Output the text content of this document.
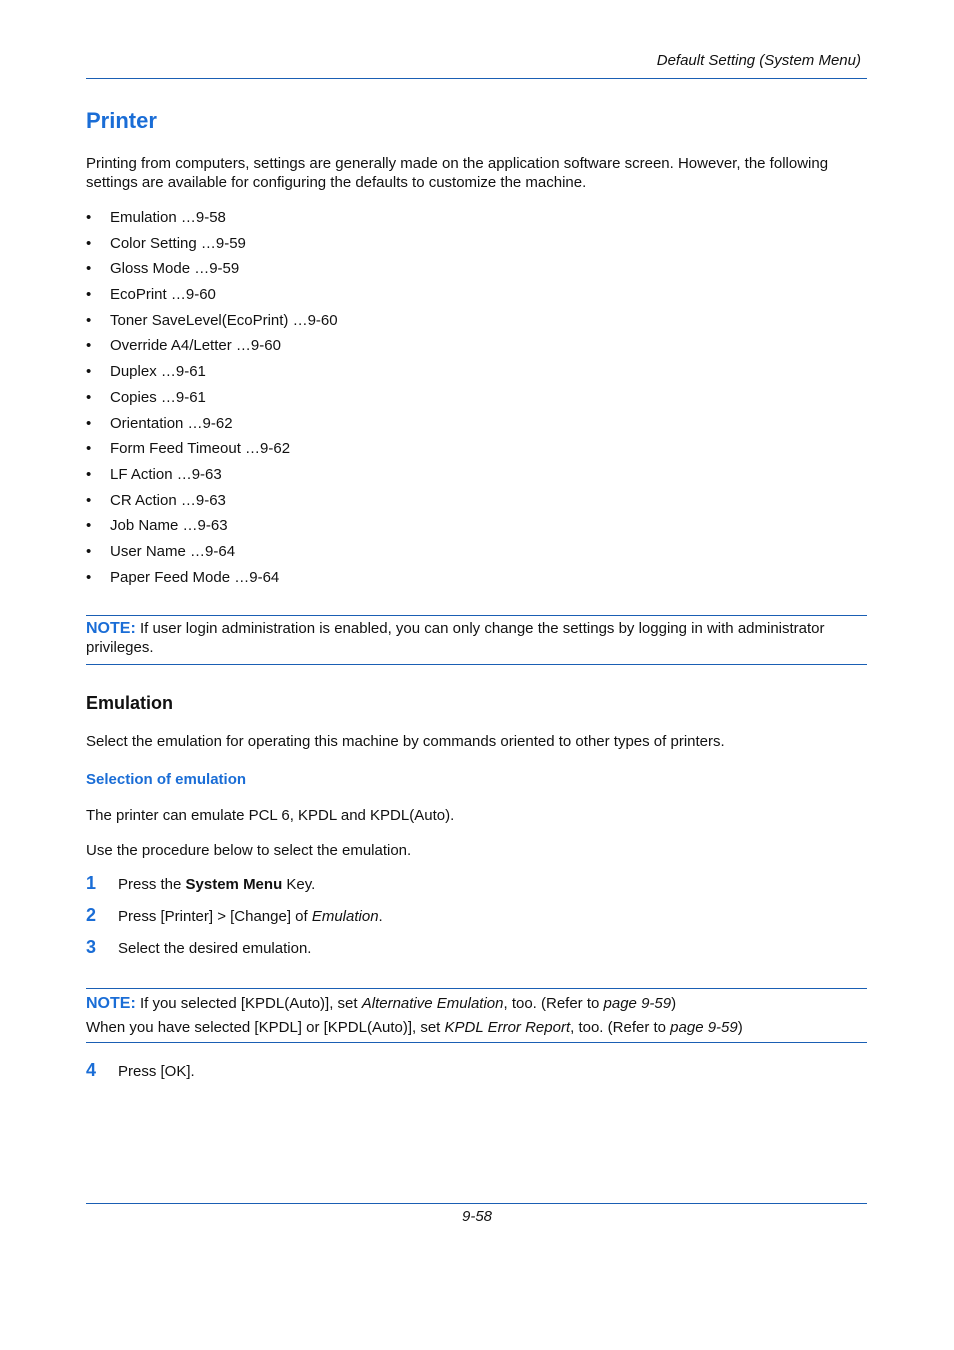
Default Setting (System Menu)
Printer
Printing from computers, settings are generally made on the application software screen. However, the following settings are available for configuring the defaults to customize the machine.
• Emulation …9-58
• Color Setting …9-59
• Gloss Mode …9-59
• EcoPrint …9-60
• Toner SaveLevel(EcoPrint) …9-60
• Override A4/Letter …9-60
• Duplex …9-61
• Copies …9-61
• Orientation …9-62
• Form Feed Timeout …9-62
• LF Action …9-63
• CR Action …9-63
• Job Name …9-63
• User Name …9-64
• Paper Feed Mode …9-64
NOTE: If user login administration is enabled, you can only change the settings by logging in with administrator privileges.
Emulation
Select the emulation for operating this machine by commands oriented to other types of printers.
Selection of emulation
The printer can emulate PCL 6, KPDL and KPDL(Auto).
Use the procedure below to select the emulation.
1	Press the System Menu Key.
2	Press [Printer] > [Change] of Emulation.
3	Select the desired emulation.
NOTE: If you selected [KPDL(Auto)], set Alternative Emulation, too. (Refer to page 9-59)
When you have selected [KPDL] or [KPDL(Auto)], set KPDL Error Report, too. (Refer to page 9-59)
4	Press [OK].
9-58
